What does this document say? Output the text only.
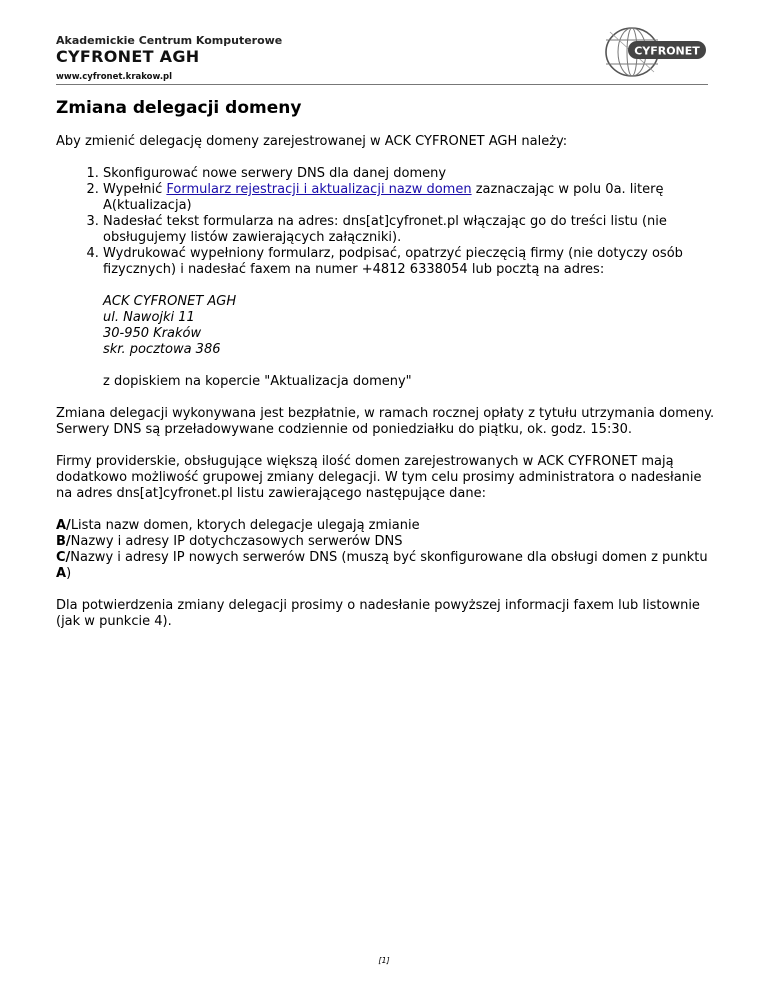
Akademickie Centrum Komputerowe
CYFRONET AGH
www.cyfronet.krakow.pl
CYFRONET
Zmiana delegacji domeny

Aby zmienić delegację domeny zarejestrowanej w ACK CYFRONET AGH należy:

1. Skonfigurować nowe serwery DNS dla danej domeny
2. Wypełnić Formularz rejestracji i aktualizacji nazw domen zaznaczając w polu 0a. literę A(ktualizacja)
3. Nadesłać tekst formularza na adres: dns[at]cyfronet.pl włączając go do treści listu (nie obsługujemy listów zawierających załączniki).
4. Wydrukować wypełniony formularz, podpisać, opatrzyć pieczęcią firmy (nie dotyczy osób fizycznych) i nadesłać faxem na numer +4812 6338054 lub pocztą na adres:
ACK CYFRONET AGH
ul. Nawojki 11
30-950 Kraków
skr. pocztowa 386
z dopiskiem na kopercie "Aktualizacja domeny"

Zmiana delegacji wykonywana jest bezpłatnie, w ramach rocznej opłaty z tytułu utrzymania domeny. Serwery DNS są przeładowywane codziennie od poniedziałku do piątku, ok. godz. 15:30.

Firmy providerskie, obsługujące większą ilość domen zarejestrowanych w ACK CYFRONET mają dodatkowo możliwość grupowej zmiany delegacji. W tym celu prosimy administratora o nadesłanie na adres dns[at]cyfronet.pl listu zawierającego następujące dane:

A/Lista nazw domen, ktorych delegacje ulegają zmianie
B/Nazwy i adresy IP dotychczasowych serwerów DNS
C/Nazwy i adresy IP nowych serwerów DNS (muszą być skonfigurowane dla obsługi domen z punktu A)

Dla potwierdzenia zmiany delegacji prosimy o nadesłanie powyższej informacji faxem lub listownie (jak w punkcie 4).

[1]
